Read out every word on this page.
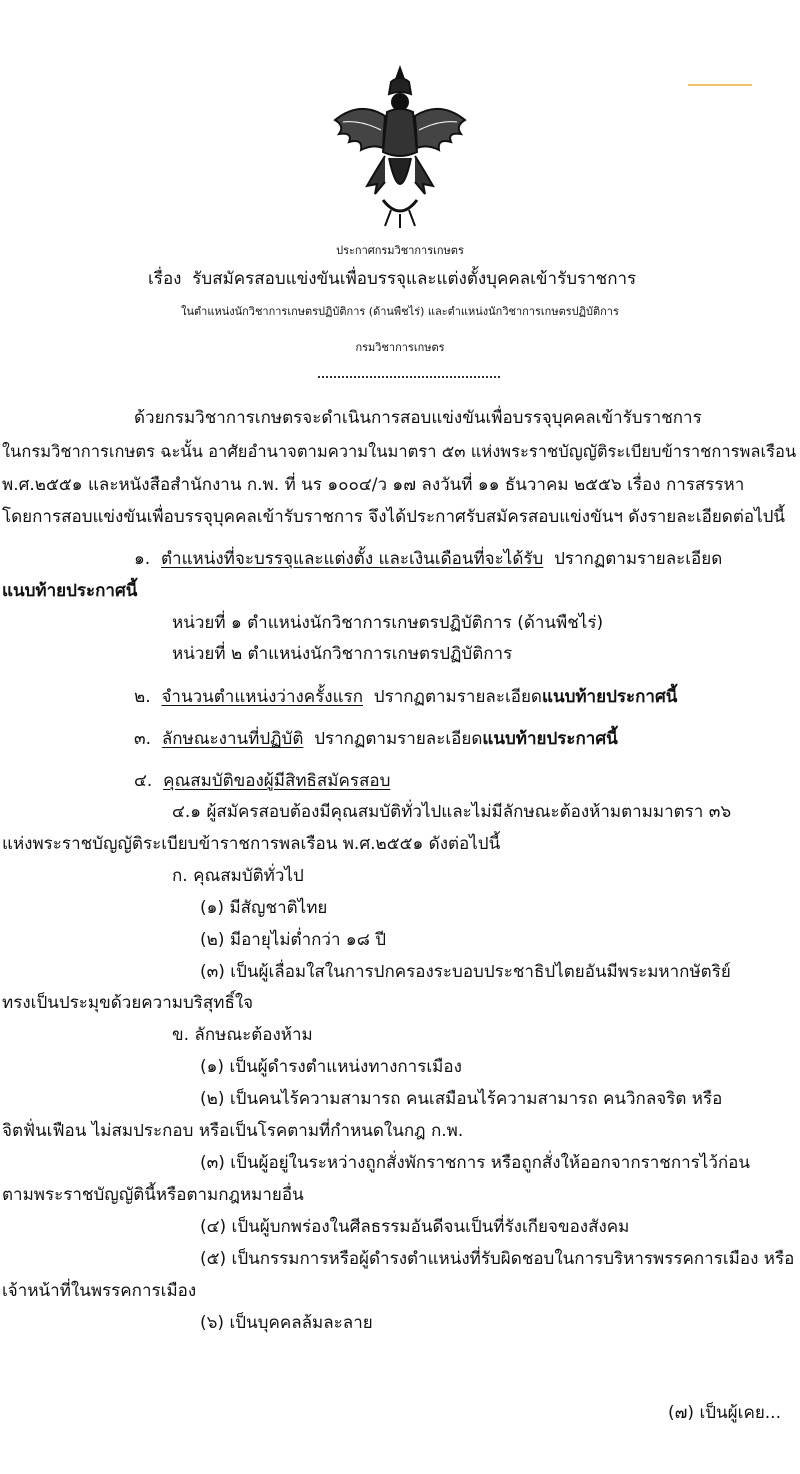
ประกาศกรมวิชาการเกษตร
เรื่อง รับสมัครสอบแข่งขันเพื่อบรรจุและแต่งตั้งบุคคลเข้ารับราชการ
ในตำแหน่งนักวิชาการเกษตรปฏิบัติการ (ด้านพืชไร่) และตำแหน่งนักวิชาการเกษตรปฏิบัติการ
กรมวิชาการเกษตร
ด้วยกรมวิชาการเกษตรจะดำเนินการสอบแข่งขันเพื่อบรรจุบุคคลเข้ารับราชการ
ในกรมวิชาการเกษตร ฉะนั้น อาศัยอำนาจตามความในมาตรา ๕๓ แห่งพระราชบัญญัติระเบียบข้าราชการพลเรือน
พ.ศ.๒๕๕๑ และหนังสือสำนักงาน ก.พ. ที่ นร ๑๐๐๔/ว ๑๗ ลงวันที่ ๑๑ ธันวาคม ๒๕๕๖ เรื่อง การสรรหา
โดยการสอบแข่งขันเพื่อบรรจุบุคคลเข้ารับราชการ จึงได้ประกาศรับสมัครสอบแข่งขันฯ ดังรายละเอียดต่อไปนี้
๑. ตำแหน่งที่จะบรรจุและแต่งตั้ง และเงินเดือนที่จะได้รับ ปรากฏตามรายละเอียด
แนบท้ายประกาศนี้
หน่วยที่ ๑ ตำแหน่งนักวิชาการเกษตรปฏิบัติการ (ด้านพืชไร่)
หน่วยที่ ๒ ตำแหน่งนักวิชาการเกษตรปฏิบัติการ
๒. จำนวนตำแหน่งว่างครั้งแรก ปรากฏตามรายละเอียดแนบท้ายประกาศนี้
๓. ลักษณะงานที่ปฏิบัติ ปรากฏตามรายละเอียดแนบท้ายประกาศนี้
๔. คุณสมบัติของผู้มีสิทธิสมัครสอบ
๔.๑ ผู้สมัครสอบต้องมีคุณสมบัติทั่วไปและไม่มีลักษณะต้องห้ามตามมาตรา ๓๖
แห่งพระราชบัญญัติระเบียบข้าราชการพลเรือน พ.ศ.๒๕๕๑ ดังต่อไปนี้
ก. คุณสมบัติทั่วไป
(๑) มีสัญชาติไทย
(๒) มีอายุไม่ต่ำกว่า ๑๘ ปี
(๓) เป็นผู้เลื่อมใสในการปกครองระบอบประชาธิปไตยอันมีพระมหากษัตริย์
ทรงเป็นประมุขด้วยความบริสุทธิ์ใจ
ข. ลักษณะต้องห้าม
(๑) เป็นผู้ดำรงตำแหน่งทางการเมือง
(๒) เป็นคนไร้ความสามารถ คนเสมือนไร้ความสามารถ คนวิกลจริต หรือ
จิตฟั่นเฟือน ไม่สมประกอบ หรือเป็นโรคตามที่กำหนดในกฎ ก.พ.
(๓) เป็นผู้อยู่ในระหว่างถูกสั่งพักราชการ หรือถูกสั่งให้ออกจากราชการไว้ก่อน
ตามพระราชบัญญัตินี้หรือตามกฎหมายอื่น
(๔) เป็นผู้บกพร่องในศีลธรรมอันดีจนเป็นที่รังเกียจของสังคม
(๕) เป็นกรรมการหรือผู้ดำรงตำแหน่งที่รับผิดชอบในการบริหารพรรคการเมือง หรือ
เจ้าหน้าที่ในพรรคการเมือง
(๖) เป็นบุคคลล้มละลาย
(๗) เป็นผู้เคย...
